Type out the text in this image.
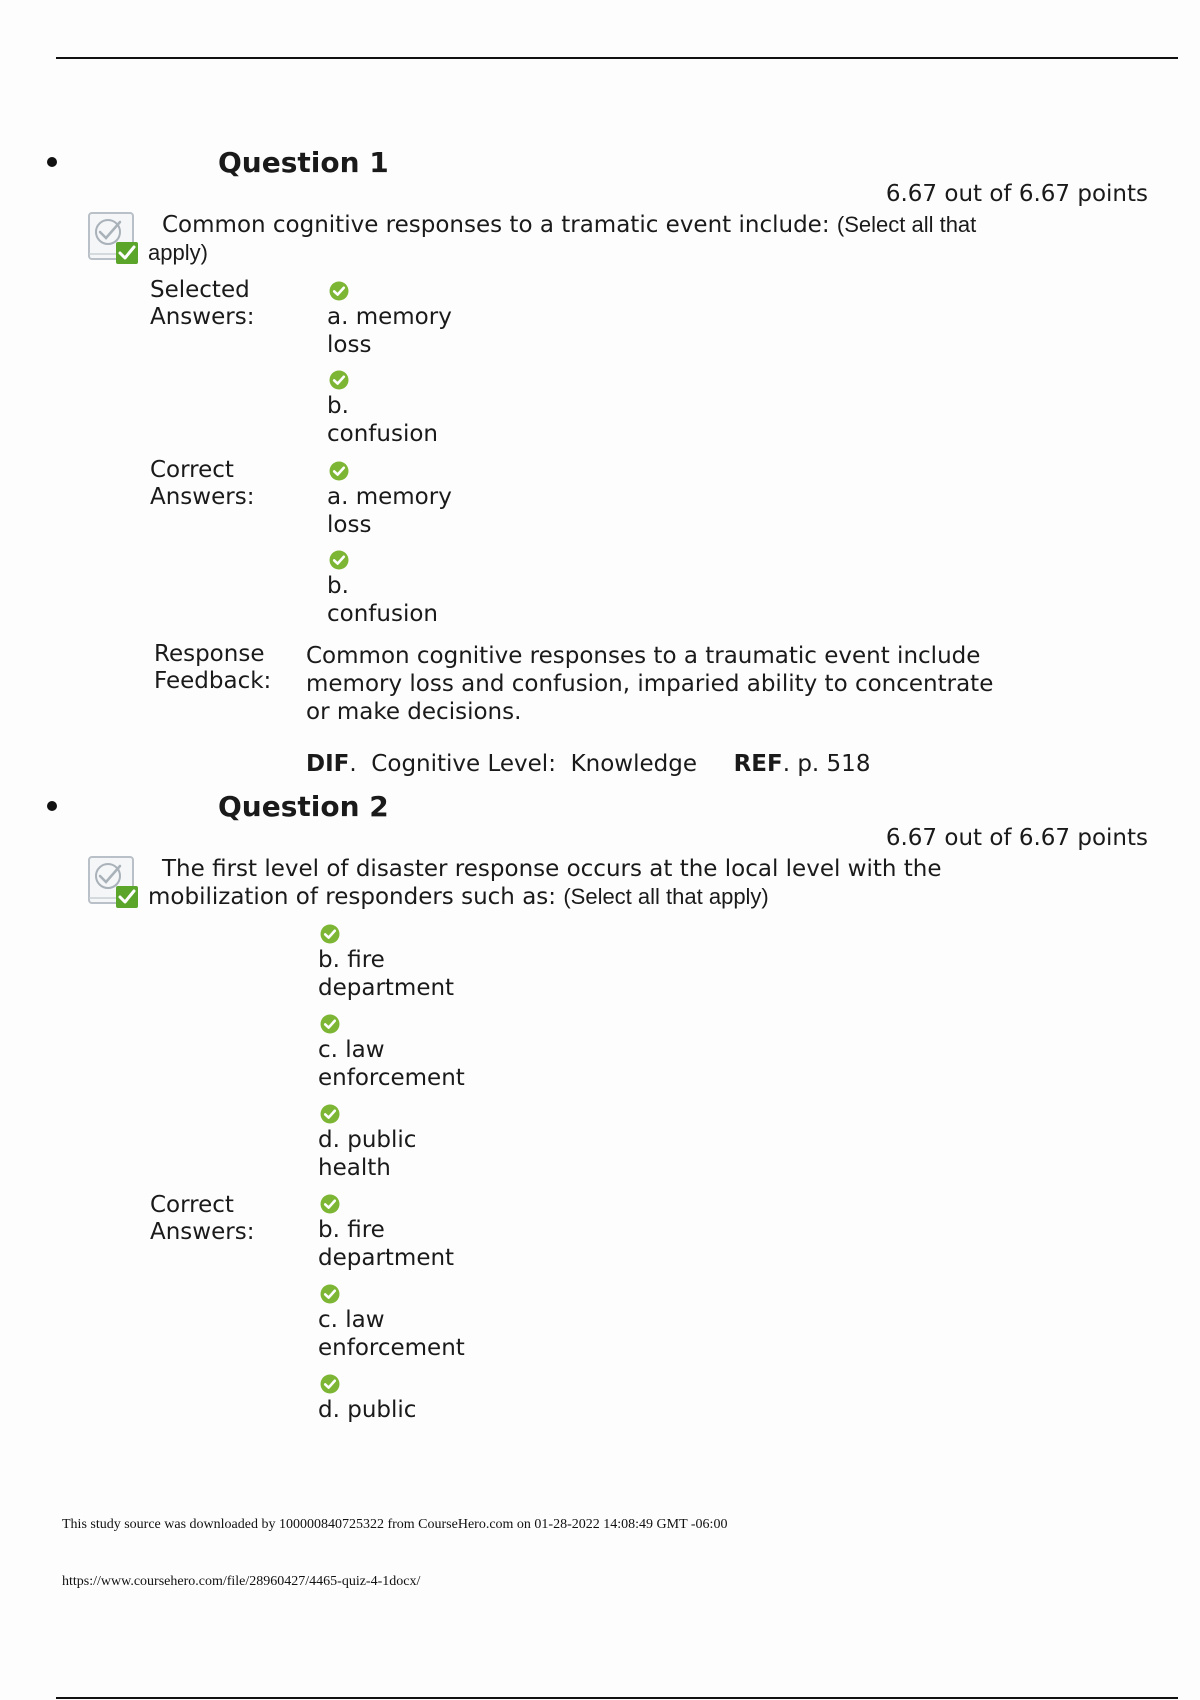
Question 1
6.67 out of 6.67 points
Common cognitive responses to a tramatic event include: (Select all that apply)
Selected
Answers:	a. memory
loss
b.
confusion
Correct
Answers:	a. memory
loss
b.
confusion
Response
Feedback:
Common cognitive responses to a traumatic event include memory loss and confusion, imparied ability to concentrate or make decisions.
DIF.  Cognitive Level:  Knowledge     REF. p. 518
Question 2
6.67 out of 6.67 points
The first level of disaster response occurs at the local level with the mobilization of responders such as: (Select all that apply)
b. fire
department
c. law
enforcement
d. public
health
Correct
Answers:	b. fire
department
c. law
enforcement
d. public
This study source was downloaded by 100000840725322 from CourseHero.com on 01-28-2022 14:08:49 GMT -06:00
https://www.coursehero.com/file/28960427/4465-quiz-4-1docx/
